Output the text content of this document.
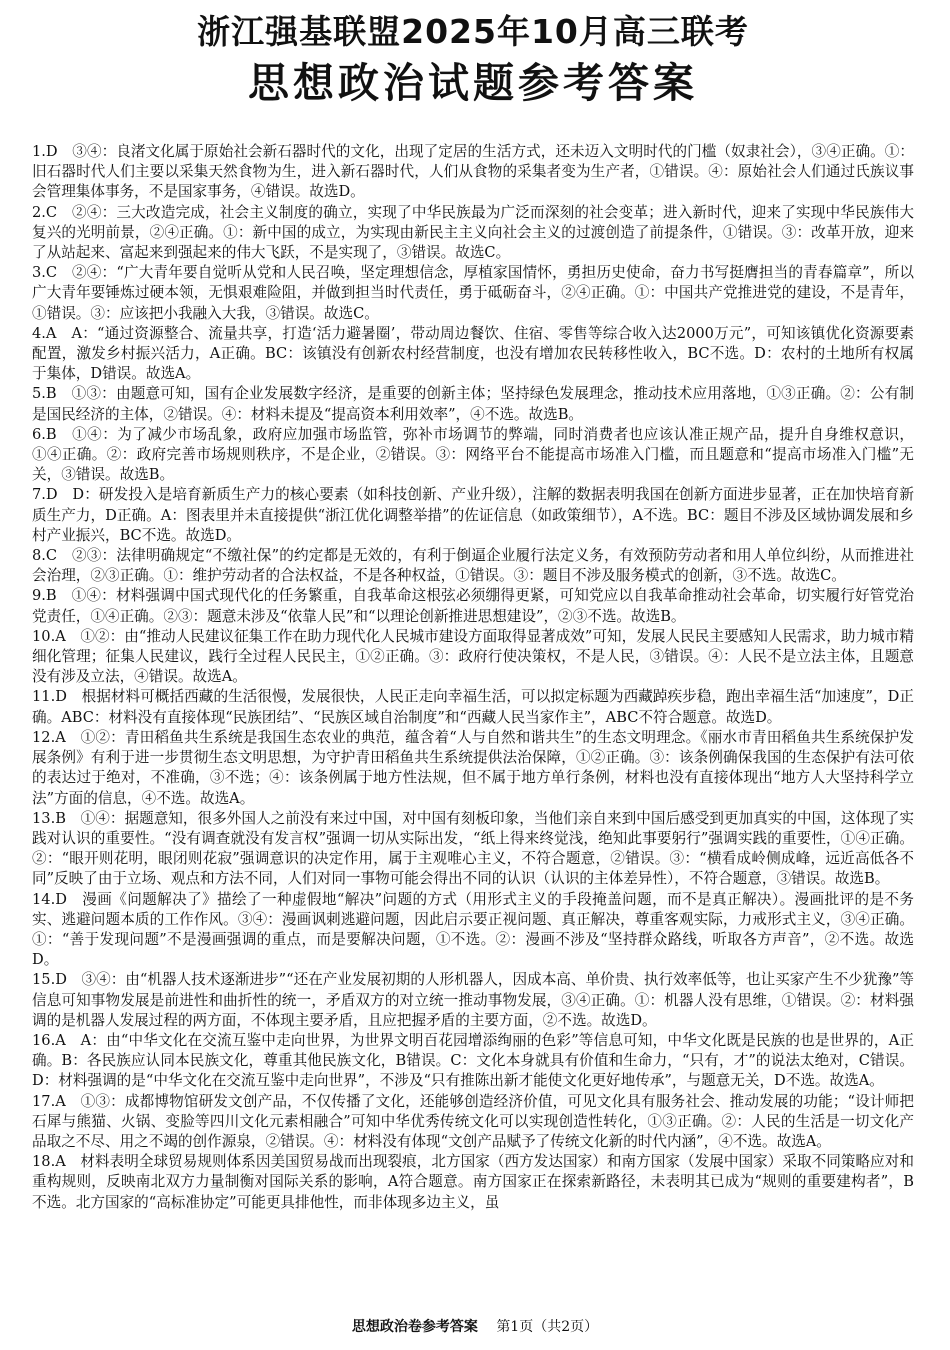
浙江强基联盟2025年10月高三联考
思想政治试题参考答案

1.D　③④：良渚文化属于原始社会新石器时代的文化，出现了定居的生活方式，还未迈入文明时代的门槛（奴隶社会），③④正确。①：旧石器时代人们主要以采集天然食物为生，进入新石器时代，人们从食物的采集者变为生产者，①错误。④：原始社会人们通过氏族议事会管理集体事务，不是国家事务，④错误。故选D。

2.C　②④：三大改造完成，社会主义制度的确立，实现了中华民族最为广泛而深刻的社会变革；进入新时代，迎来了实现中华民族伟大复兴的光明前景，②④正确。①：新中国的成立，为实现由新民主主义向社会主义的过渡创造了前提条件，①错误。③：改革开放，迎来了从站起来、富起来到强起来的伟大飞跃，不是实现了，③错误。故选C。

3.C　②④：“广大青年要自觉听从党和人民召唤，坚定理想信念，厚植家国情怀，勇担历史使命，奋力书写挺膺担当的青春篇章”，所以广大青年要锤炼过硬本领，无惧艰难险阻，并做到担当时代责任，勇于砥砺奋斗，②④正确。①：中国共产党推进党的建设，不是青年，①错误。③：应该把小我融入大我，③错误。故选C。

4.A　A：“通过资源整合、流量共享，打造‘活力避暑圈’，带动周边餐饮、住宿、零售等综合收入达2000万元”，可知该镇优化资源要素配置，激发乡村振兴活力，A正确。BC：该镇没有创新农村经营制度，也没有增加农民转移性收入，BC不选。D：农村的土地所有权属于集体，D错误。故选A。

5.B　①③：由题意可知，国有企业发展数字经济，是重要的创新主体；坚持绿色发展理念，推动技术应用落地，①③正确。②：公有制是国民经济的主体，②错误。④：材料未提及“提高资本利用效率”，④不选。故选B。

6.B　①④：为了减少市场乱象，政府应加强市场监管，弥补市场调节的弊端，同时消费者也应该认准正规产品，提升自身维权意识，①④正确。②：政府完善市场规则秩序，不是企业，②错误。③：网络平台不能提高市场准入门槛，而且题意和“提高市场准入门槛”无关，③错误。故选B。

7.D　D：研发投入是培育新质生产力的核心要素（如科技创新、产业升级），注解的数据表明我国在创新方面进步显著，正在加快培育新质生产力，D正确。A：图表里并未直接提供“浙江优化调整举措”的佐证信息（如政策细节），A不选。BC：题目不涉及区域协调发展和乡村产业振兴，BC不选。故选D。

8.C　②③：法律明确规定“不缴社保”的约定都是无效的，有利于倒逼企业履行法定义务，有效预防劳动者和用人单位纠纷，从而推进社会治理，②③正确。①：维护劳动者的合法权益，不是各种权益，①错误。③：题目不涉及服务模式的创新，③不选。故选C。

9.B　①④：材料强调中国式现代化的任务繁重，自我革命这根弦必须绷得更紧，可知党应以自我革命推动社会革命，切实履行好管党治党责任，①④正确。②③：题意未涉及“依靠人民”和“以理论创新推进思想建设”，②③不选。故选B。

10.A　①②：由“推动人民建议征集工作在助力现代化人民城市建设方面取得显著成效”可知，发展人民民主要感知人民需求，助力城市精细化管理；征集人民建议，践行全过程人民民主，①②正确。③：政府行使决策权，不是人民，③错误。④：人民不是立法主体，且题意没有涉及立法，④错误。故选A。

11.D　根据材料可概括西藏的生活很慢，发展很快，人民正走向幸福生活，可以拟定标题为西藏踔疾步稳，跑出幸福生活“加速度”，D正确。ABC：材料没有直接体现“民族团结”、“民族区域自治制度”和“西藏人民当家作主”，ABC不符合题意。故选D。

12.A　①②：青田稻鱼共生系统是我国生态农业的典范，蕴含着“人与自然和谐共生”的生态文明理念。《丽水市青田稻鱼共生系统保护发展条例》有利于进一步贯彻生态文明思想，为守护青田稻鱼共生系统提供法治保障，①②正确。③：该条例确保我国的生态保护有法可依的表达过于绝对，不准确，③不选；④：该条例属于地方性法规，但不属于地方单行条例，材料也没有直接体现出“地方人大坚持科学立法”方面的信息，④不选。故选A。

13.B　①④：据题意知，很多外国人之前没有来过中国，对中国有刻板印象，当他们亲自来到中国后感受到更加真实的中国，这体现了实践对认识的重要性。“没有调查就没有发言权”强调一切从实际出发，“纸上得来终觉浅，绝知此事要躬行”强调实践的重要性，①④正确。②：“眼开则花明，眼闭则花寂”强调意识的决定作用，属于主观唯心主义，不符合题意，②错误。③：“横看成岭侧成峰，远近高低各不同”反映了由于立场、观点和方法不同，人们对同一事物可能会得出不同的认识（认识的主体差异性），不符合题意，③错误。故选B。

14.D　漫画《问题解决了》描绘了一种虚假地“解决”问题的方式（用形式主义的手段掩盖问题，而不是真正解决）。漫画批评的是不务实、逃避问题本质的工作作风。③④：漫画讽刺逃避问题，因此启示要正视问题、真正解决，尊重客观实际，力戒形式主义，③④正确。①：“善于发现问题”不是漫画强调的重点，而是要解决问题，①不选。②：漫画不涉及“坚持群众路线，听取各方声音”，②不选。故选D。

15.D　③④：由“机器人技术逐渐进步”“还在产业发展初期的人形机器人，因成本高、单价贵、执行效率低等，也让买家产生不少犹豫”等信息可知事物发展是前进性和曲折性的统一，矛盾双方的对立统一推动事物发展，③④正确。①：机器人没有思维，①错误。②：材料强调的是机器人发展过程的两方面，不体现主要矛盾，且应把握矛盾的主要方面，②不选。故选D。

16.A　A：由“中华文化在交流互鉴中走向世界，为世界文明百花园增添绚丽的色彩”等信息可知，中华文化既是民族的也是世界的，A正确。B：各民族应认同本民族文化，尊重其他民族文化，B错误。C：文化本身就具有价值和生命力，“只有，才”的说法太绝对，C错误。D：材料强调的是“中华文化在交流互鉴中走向世界”，不涉及“只有推陈出新才能使文化更好地传承”，与题意无关，D不选。故选A。

17.A　①③：成都博物馆研发文创产品，不仅传播了文化，还能够创造经济价值，可见文化具有服务社会、推动发展的功能；“设计师把石犀与熊猫、火锅、变脸等四川文化元素相融合”可知中华优秀传统文化可以实现创造性转化，①③正确。②：人民的生活是一切文化产品取之不尽、用之不竭的创作源泉，②错误。④：材料没有体现“文创产品赋予了传统文化新的时代内涵”，④不选。故选A。

18.A　材料表明全球贸易规则体系因美国贸易战而出现裂痕，北方国家（西方发达国家）和南方国家（发展中国家）采取不同策略应对和重构规则，反映南北双方力量制衡对国际关系的影响，A符合题意。南方国家正在探索新路径，未表明其已成为“规则的重要建构者”，B不选。北方国家的“高标准协定”可能更具排他性，而非体现多边主义，虽

思想政治卷参考答案 第1页（共2页）
